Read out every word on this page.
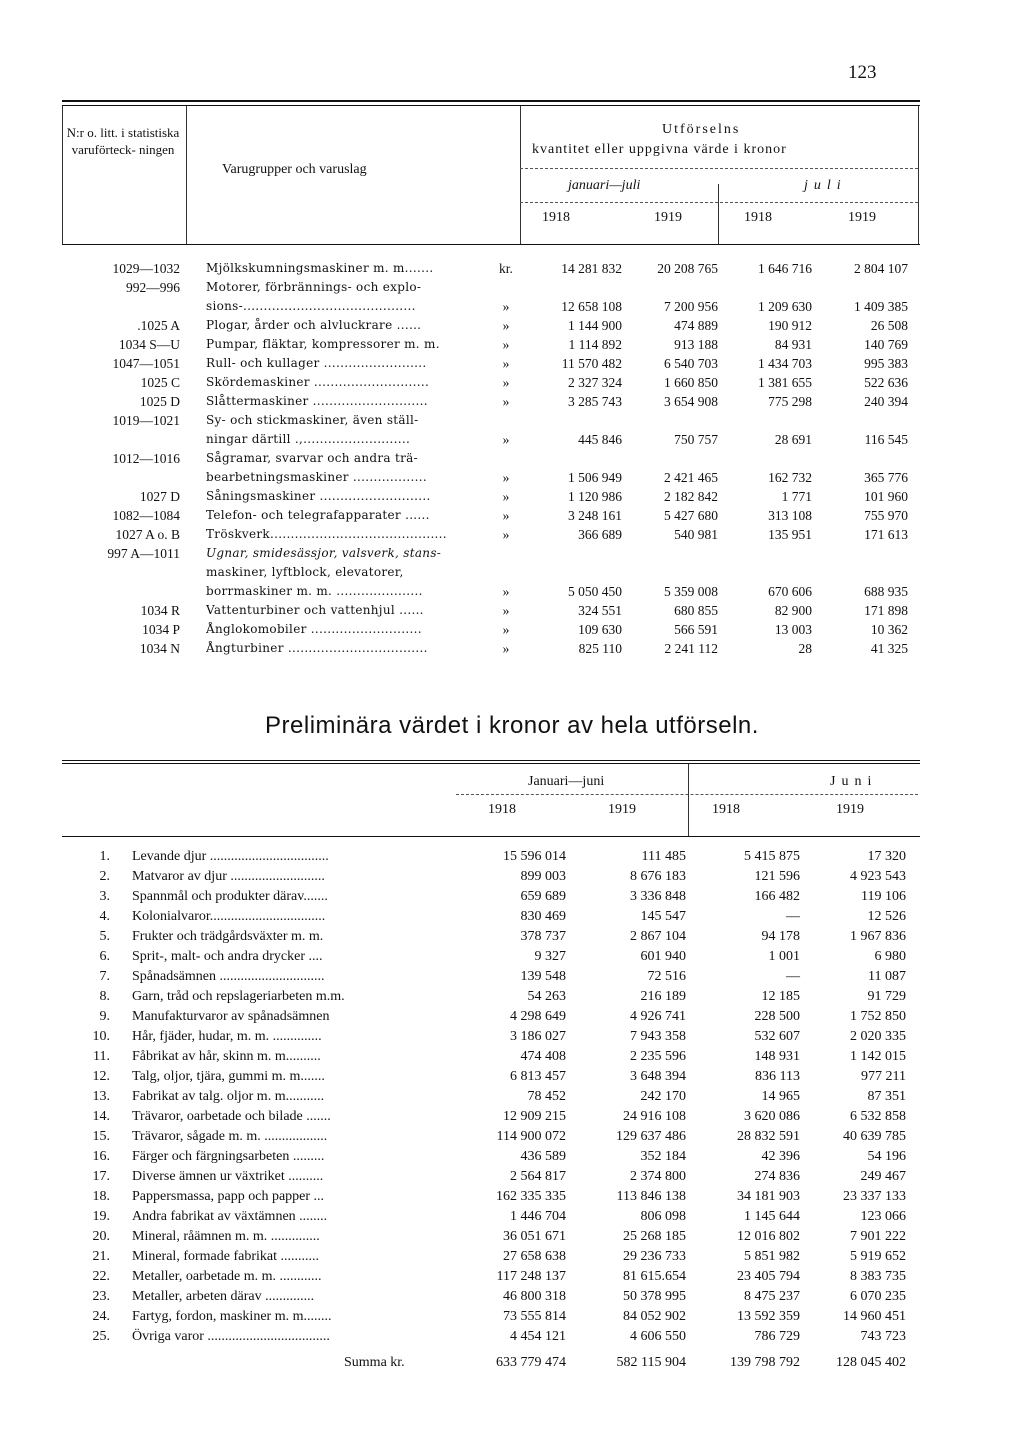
123
N:r o. litt. i statistiska varuförteck- ningen
Varugrupper och varuslag
Utförselns
kvantitet eller uppgivna värde i kronor
januari—juli	juli
1918	1919	1918	1919
1029—1032 Mjölkskumningsmaskiner m. m.......	kr.	14 281 832	20 208 765	1 646 716	2 804 107
992—996 Motorer, förbrännings- och explo-
sions-..........................................	»	12 658 108	7 200 956	1 209 630	1 409 385
.1025 A Plogar, årder och alvluckrare ......	»	1 144 900	474 889	190 912	26 508
1034 S—U Pumpar, fläktar, kompressorer m. m.	»	1 114 892	913 188	84 931	140 769
1047—1051 Rull- och kullager .........................	»	11 570 482	6 540 703	1 434 703	995 383
1025 C Skördemaskiner ............................	»	2 327 324	1 660 850	1 381 655	522 636
1025 D Slåttermaskiner ............................	»	3 285 743	3 654 908	775 298	240 394
1019—1021 Sy- och stickmaskiner, även ställ-
ningar därtill .,..........................	»	445 846	750 757	28 691	116 545
1012—1016 Sågramar, svarvar och andra trä-
bearbetningsmaskiner ..................	»	1 506 949	2 421 465	162 732	365 776
1027 D Såningsmaskiner ...........................	»	1 120 986	2 182 842	1 771	101 960
1082—1084 Telefon- och telegrafapparater ......	»	3 248 161	5 427 680	313 108	755 970
1027 A o. B Tröskverk...........................................	»	366 689	540 981	135 951	171 613
997 A—1011 Ugnar, smidesässjor, valsverk, stans-
maskiner, lyftblock, elevatorer,
borrmaskiner m. m. .....................	»	5 050 450	5 359 008	670 606	688 935
1034 R Vattenturbiner och vattenhjul ......	»	324 551	680 855	82 900	171 898
1034 P Ånglokomobiler ...........................	»	109 630	566 591	13 003	10 362
1034 N Ångturbiner ..................................	»	825 110	2 241 112	28	41 325
Preliminära värdet i kronor av hela utförseln.
Januari—juni	Juni
1918	1919	1918	1919
1. Levande djur ..................................	15 596 014	111 485	5 415 875	17 320
2. Matvaror av djur ...........................	899 003	8 676 183	121 596	4 923 543
3. Spannmål och produkter därav.......	659 689	3 336 848	166 482	119 106
4. Kolonialvaror.................................	830 469	145 547	—	12 526
5. Frukter och trädgårdsväxter m. m.	378 737	2 867 104	94 178	1 967 836
6. Sprit-, malt- och andra drycker ....	9 327	601 940	1 001	6 980
7. Spånadsämnen ..............................	139 548	72 516	—	11 087
8. Garn, tråd och repslageriarbeten m.m.	54 263	216 189	12 185	91 729
9. Manufakturvaror av spånadsämnen	4 298 649	4 926 741	228 500	1 752 850
10. Hår, fjäder, hudar, m. m. ..............	3 186 027	7 943 358	532 607	2 020 335
11. Fåbrikat av hår, skinn m. m..........	474 408	2 235 596	148 931	1 142 015
12. Talg, oljor, tjära, gummi m. m.......	6 813 457	3 648 394	836 113	977 211
13. Fabrikat av talg. oljor m. m...........	78 452	242 170	14 965	87 351
14. Trävaror, oarbetade och bilade .......	12 909 215	24 916 108	3 620 086	6 532 858
15. Trävaror, sågade m. m. ..................	114 900 072	129 637 486	28 832 591	40 639 785
16. Färger och färgningsarbeten .........	436 589	352 184	42 396	54 196
17. Diverse ämnen ur växtriket ..........	2 564 817	2 374 800	274 836	249 467
18. Pappersmassa, papp och papper ...	162 335 335	113 846 138	34 181 903	23 337 133
19. Andra fabrikat av växtämnen ........	1 446 704	806 098	1 145 644	123 066
20. Mineral, råämnen m. m. ..............	36 051 671	25 268 185	12 016 802	7 901 222
21. Mineral, formade fabrikat ...........	27 658 638	29 236 733	5 851 982	5 919 652
22. Metaller, oarbetade m. m. ............	117 248 137	81 615.654	23 405 794	8 383 735
23. Metaller, arbeten därav ..............	46 800 318	50 378 995	8 475 237	6 070 235
24. Fartyg, fordon, maskiner m. m........	73 555 814	84 052 902	13 592 359	14 960 451
25. Övriga varor ...................................	4 454 121	4 606 550	786 729	743 723
Summa kr.	633 779 474	582 115 904	139 798 792	128 045 402
